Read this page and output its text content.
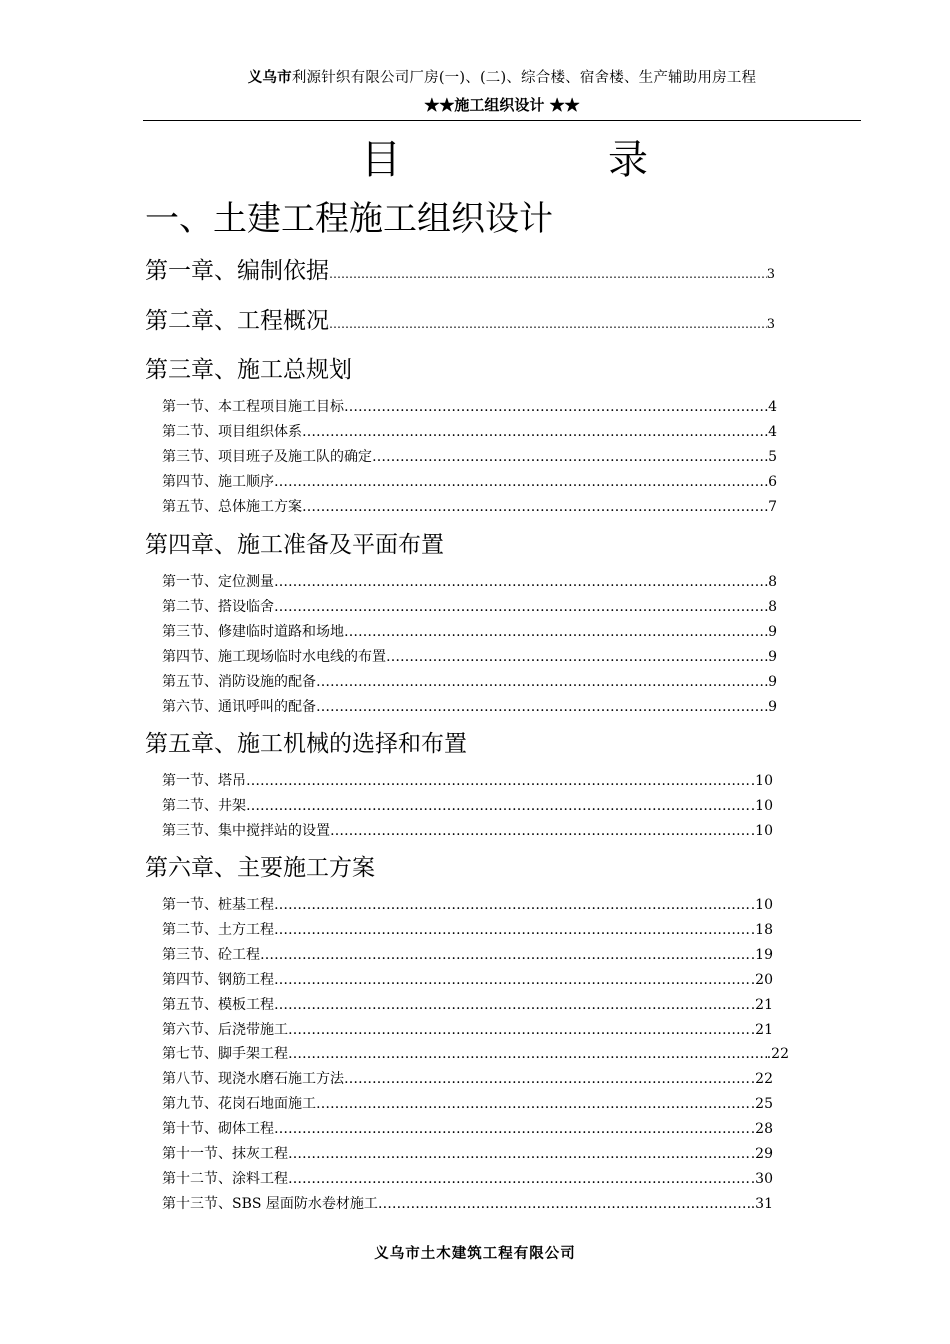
义乌市利源针织有限公司厂房(一)、(二)、综合楼、宿舍楼、生产辅助用房工程
★★施工组织设计 ★★
目	录
一、土建工程施工组织设计
第一章、编制依据 ……………………………………………………………………………………………………………………………………………………………………………………	3
第二章、工程概况 ……………………………………………………………………………………………………………………………………………………………………………………	3
第三章、施工总规划
第一节、本工程项目施工目标 ……………………………………………………………………………………………………………………………………………………………………………………	4
第二节、项目组织体系 ……………………………………………………………………………………………………………………………………………………………………………………	4
第三节、项目班子及施工队的确定 ……………………………………………………………………………………………………………………………………………………………………………………	5
第四节、施工顺序 ……………………………………………………………………………………………………………………………………………………………………………………	6
第五节、总体施工方案 ……………………………………………………………………………………………………………………………………………………………………………………	7
第四章、施工准备及平面布置
第一节、定位测量 ……………………………………………………………………………………………………………………………………………………………………………………	8
第二节、搭设临舍 ……………………………………………………………………………………………………………………………………………………………………………………	8
第三节、修建临时道路和场地 ……………………………………………………………………………………………………………………………………………………………………………………	9
第四节、施工现场临时水电线的布置 ……………………………………………………………………………………………………………………………………………………………………………………	9
第五节、消防设施的配备 ……………………………………………………………………………………………………………………………………………………………………………………	9
第六节、通讯呼叫的配备 ……………………………………………………………………………………………………………………………………………………………………………………	9
第五章、施工机械的选择和布置
第一节、塔吊 ……………………………………………………………………………………………………………………………………………………………………………………	.10
第二节、井架 ……………………………………………………………………………………………………………………………………………………………………………………	.10
第三节、集中搅拌站的设置 ……………………………………………………………………………………………………………………………………………………………………………………	.10
第六章、主要施工方案
第一节、桩基工程 ……………………………………………………………………………………………………………………………………………………………………………………	.10
第二节、土方工程 ……………………………………………………………………………………………………………………………………………………………………………………	.18
第三节、砼工程 ……………………………………………………………………………………………………………………………………………………………………………………	.19
第四节、钢筋工程 ……………………………………………………………………………………………………………………………………………………………………………………	.20
第五节、模板工程 ……………………………………………………………………………………………………………………………………………………………………………………	.21
第六节、后浇带施工 ……………………………………………………………………………………………………………………………………………………………………………………	.21
第七节、脚手架工程 ……………………………………………………………………………………………………………………………………………………………………………………	.22
第八节、现浇水磨石施工方法 ……………………………………………………………………………………………………………………………………………………………………………………	.22
第九节、花岗石地面施工 ……………………………………………………………………………………………………………………………………………………………………………………	.25
第十节、砌体工程 ……………………………………………………………………………………………………………………………………………………………………………………	.28
第十一节、抹灰工程 ……………………………………………………………………………………………………………………………………………………………………………………	.29
第十二节、涂料工程 ……………………………………………………………………………………………………………………………………………………………………………………	.30
第十三节、SBS 屋面防水卷材施工 ……………………………………………………………………………………………………………………………………………………………………………………	.31
义乌市土木建筑工程有限公司
